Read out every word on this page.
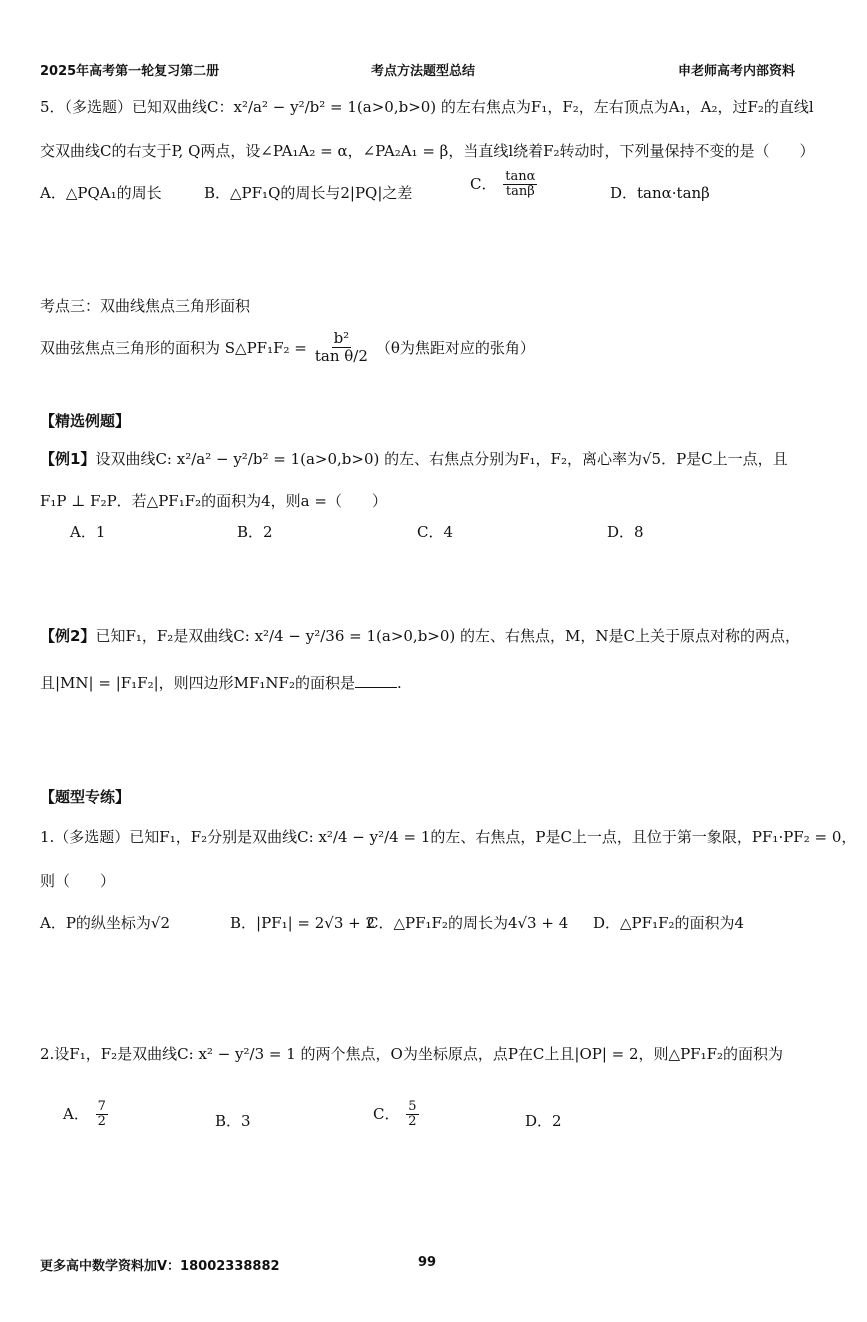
2025年高考第一轮复习第二册	考点方法题型总结	申老师高考内部资料
5．（多选题）已知双曲线C：x²/a² − y²/b² = 1(a>0,b>0) 的左右焦点为F₁，F₂，左右顶点为A₁，A₂，过F₂的直线l
交双曲线C的右支于P, Q两点，设∠PA₁A₂ = α，∠PA₂A₁ = β，当直线l绕着F₂转动时，下列量保持不变的是（　　）
A．△PQA₁的周长	B．△PF₁Q的周长与2|PQ|之差
C． $\frac{\tan\alpha}{\tan\beta}$	D．tanα·tanβ
考点三：双曲线焦点三角形面积
双曲弦焦点三角形的面积为 S△PF₁F₂ = $\frac{\text{b²}}{\text{tan θ/2}} (\theta$为焦距对应的张角）
【精选例题】
【例1】设双曲线C: x²/a² − y²/b² = 1(a>0,b>0) 的左、右焦点分别为F₁，F₂，离心率为√5．P是C上一点，且
F₁P ⊥ F₂P．若△PF₁F₂的面积为4，则a =（　　）
A．1	B．2	C．4	D．8
【例2】已知F₁，F₂是双曲线C: x²/4 − y²/36 = 1(a>0,b>0) 的左、右焦点，M，N是C上关于原点对称的两点，
且|MN| = |F₁F₂|，则四边形MF₁NF₂的面积是	.
【题型专练】
1.（多选题）已知F₁，F₂分别是双曲线C: x²/4 − y²/4 = 1的左、右焦点，P是C上一点，且位于第一象限，PF₁·PF₂ = 0，
则（　　）
A．P的纵坐标为√2	B．|PF₁| = 2√3 + 2
C．△PF₁F₂的周长为4√3 + 4 D．△PF₁F₂的面积为4
2.设F₁，F₂是双曲线C: x² − y²/3 = 1 的两个焦点，O为坐标原点，点P在C上且|OP| = 2，则△PF₁F₂的面积为
A． $\frac{7}{2}$	B．3	C． $\frac{5}{2}$	D．2
更多高中数学资料加V：18002338882	99
